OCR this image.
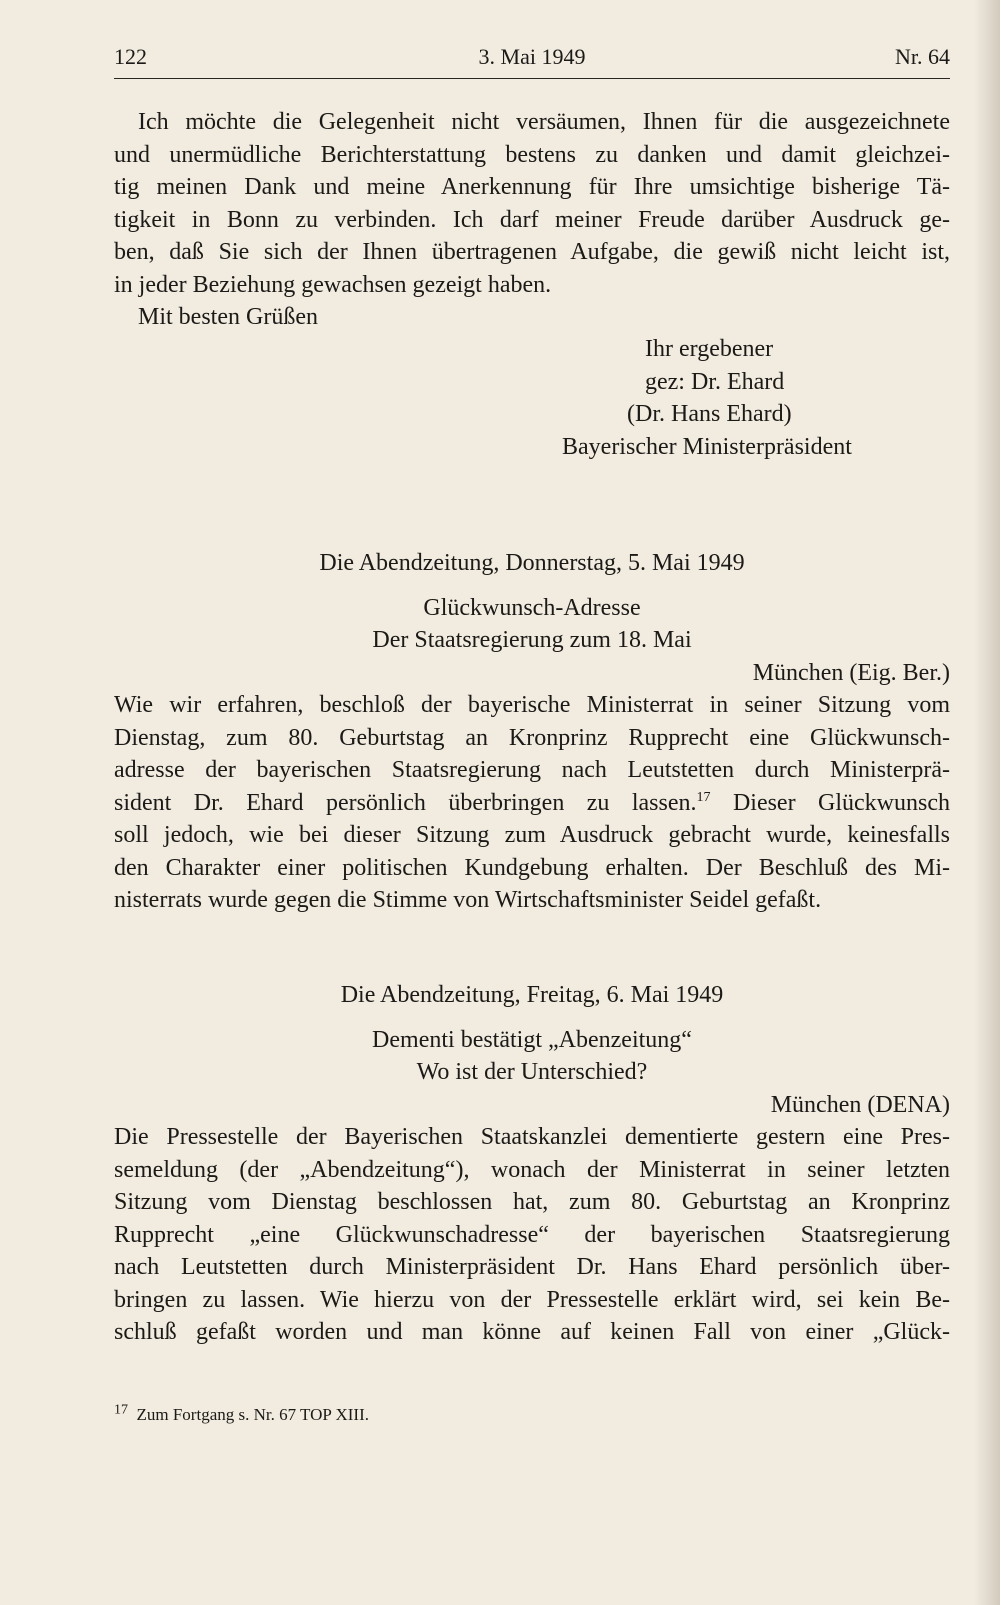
122	3. Mai 1949	Nr. 64

Ich möchte die Gelegenheit nicht versäumen, Ihnen für die ausgezeichnete

und unermüdliche Berichterstattung bestens zu danken und damit gleichzei-

tig meinen Dank und meine Anerkennung für Ihre umsichtige bisherige Tä-

tigkeit in Bonn zu verbinden. Ich darf meiner Freude darüber Ausdruck ge-

ben, daß Sie sich der Ihnen übertragenen Aufgabe, die gewiß nicht leicht ist,

in jeder Beziehung gewachsen gezeigt haben.

Mit besten Grüßen

Ihr ergebener

gez: Dr. Ehard

(Dr. Hans Ehard)

Bayerischer Ministerpräsident

Die Abendzeitung, Donnerstag, 5. Mai 1949

Glückwunsch-Adresse

Der Staatsregierung zum 18. Mai

München (Eig. Ber.)

Wie wir erfahren, beschloß der bayerische Ministerrat in seiner Sitzung vom

Dienstag, zum 80. Geburtstag an Kronprinz Rupprecht eine Glückwunsch-

adresse der bayerischen Staatsregierung nach Leutstetten durch Ministerprä-

sident Dr. Ehard persönlich überbringen zu lassen.$^{17}$ Dieser Glückwunsch

soll jedoch, wie bei dieser Sitzung zum Ausdruck gebracht wurde, keinesfalls

den Charakter einer politischen Kundgebung erhalten. Der Beschluß des Mi-

nisterrats wurde gegen die Stimme von Wirtschaftsminister Seidel gefaßt.

Die Abendzeitung, Freitag, 6. Mai 1949

Dementi bestätigt „Abenzeitung“

Wo ist der Unterschied?

München (DENA)

Die Pressestelle der Bayerischen Staatskanzlei dementierte gestern eine Pres-

semeldung (der „Abendzeitung“), wonach der Ministerrat in seiner letzten

Sitzung vom Dienstag beschlossen hat, zum 80. Geburtstag an Kronprinz

Rupprecht „eine Glückwunschadresse“ der bayerischen Staatsregierung

nach Leutstetten durch Ministerpräsident Dr. Hans Ehard persönlich über-

bringen zu lassen. Wie hierzu von der Pressestelle erklärt wird, sei kein Be-

schluß gefaßt worden und man könne auf keinen Fall von einer „Glück-

$^{17}$ Zum Fortgang s. Nr. 67 TOP XIII.
